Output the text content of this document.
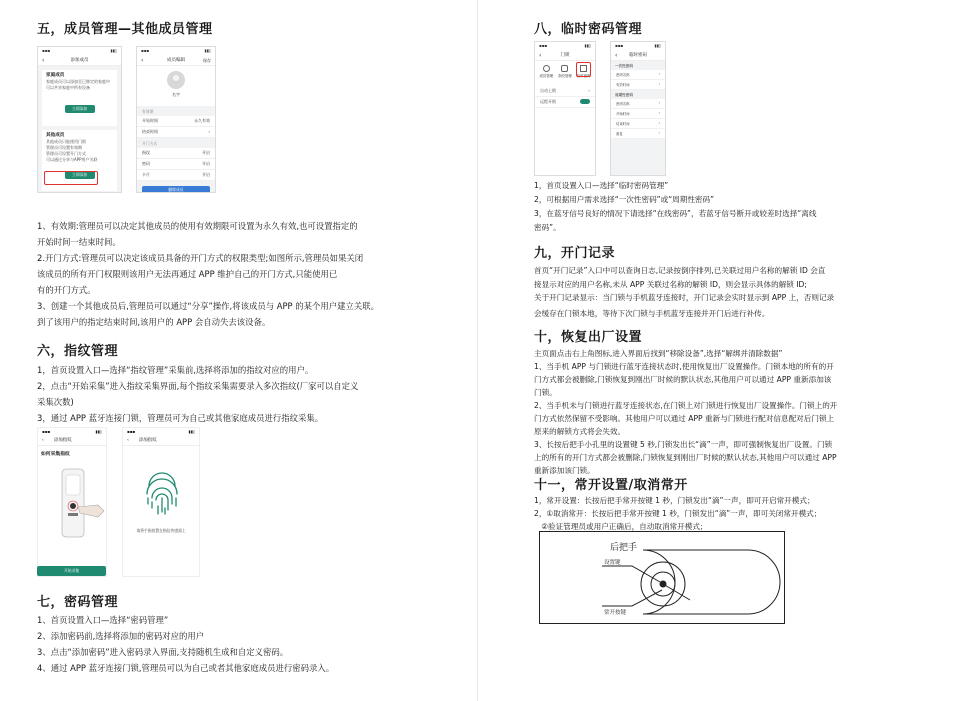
五，成员管理—其他成员管理
▪▪▪	▮▮▯
‹	添加成员
家庭成员
家庭成员可以添加至已绑定的家庭中
可以共享家庭中所有设备
立即添加
其他成员
其他成员只能使用门锁
管理员可设置有效期
管理员可设置开门方式
可以通过分享与APP用户关联
立即添加
▪▪▪	▮▮▯
‹	成员编辑	保存
名字
有效期
开始时间	永久有效
结束时间	›
开门方式
指纹	开启
密码	开启
卡片	开启
删除成员

1、有效期:管理员可以决定其他成员的使用有效期限可设置为永久有效,也可设置指定的

开始时间一结束时间。

2.开门方式:管理员可以决定该成员具备的开门方式的权限类型;如图所示,管理员如果关闭

该成员的所有开门权限则该用户无法再通过 APP 维护自己的开门方式,只能使用已

有的开门方式。

3、创建一个其他成员后,管理员可以通过“分享”操作,将该成员与 APP 的某个用户建立关联。

到了该用户的指定结束时间,该用户的 APP 会自动失去该设备。

六，指纹管理

1，首页设置入口—选择“指纹管理”采集前,选择将添加的指纹对应的用户。

2，点击“开始采集”进入指纹采集界面,每个指纹采集需要录入多次指纹(厂家可以自定义

采集次数)

3，通过 APP 蓝牙连接门锁，管理员可为自己或其他家庭成员进行指纹采集。

▪▪▪	▮▮▯
‹ 添加指纹
如何采集指纹
▪▪▪	▮▮▯
‹ 添加指纹
请将手指放置在指纹传感器上
开始采集
七，密码管理

1、首页设置入口—选择“密码管理”

2、添加密码前,选择将添加的密码对应的用户

3、点击“添加密码”进入密码录入界面,支持随机生成和自定义密码。

4、通过 APP 蓝牙连接门锁,管理员可以为自己或者其他家庭成员进行密码录入。

八，临时密码管理
▪▪▪	▮▮▯
‹	门锁
成员管理 指纹管理 临时密码
自动上锁	›
远程开锁
▪▪▪	▮▮▯
‹	临时密码
一次性密码
密码名称	›
有效时间	›
周期性密码
密码名称	›
开始时间	›
结束时间	›
重复	›

1，首页设置入口—选择“临时密码管理”

2，可根据用户需求选择“一次性密码”或“周期性密码”

3，在蓝牙信号良好的情况下请选择“在线密码”，若蓝牙信号断开或较差时选择“离线

密码”。

九，开门记录

首页“开门记录”入口中可以查询日志,记录按倒序排列,已关联过用户名称的解锁 ID 会直

接显示对应的用户名称,未从 APP 关联过名称的解锁 ID，则会显示具体的解锁 ID;

关于开门记录显示：当门锁与手机蓝牙连接时，开门记录会实时显示到 APP 上，否则记录

会缓存在门锁本地，等待下次门锁与手机蓝牙连接并开门后进行补传。

十，恢复出厂设置

主页面点击右上角图标,进入界面后找到“移除设备”,选择“解绑并清除数据”

1、当手机 APP 与门锁进行蓝牙连接状态时,使用恢复出厂设置操作。门锁本地的所有的开

门方式都会被删除,门锁恢复到刚出厂时候的默认状态,其他用户可以通过 APP 重新添加该

门锁。

2、当手机未与门锁进行蓝牙连接状态,在门锁上对门锁进行恢复出厂设置操作。门锁上的开

门方式依然保留不受影响。其他用户可以通过 APP 重新与门锁进行配对信息配对后门锁上

原来的解锁方式将会失效。

3、长按后把手小孔里的设置键 5 秒,门锁发出长“滴”一声，即可强制恢复出厂设置。门锁

上的所有的开门方式都会被删除,门锁恢复到刚出厂时候的默认状态,其他用户可以通过 APP

重新添加该门锁。

十一，常开设置/取消常开

1，常开设置：长按后把手常开按键 1 秒，门锁发出“滴”一声，即可开启常开模式；

2，①取消常开：长按后把手常开按键 1 秒，门锁发出“滴”一声，即可关闭常开模式；

②验证管理员或用户正确后，自动取消常开模式；

后把手
设置键
常开按键
